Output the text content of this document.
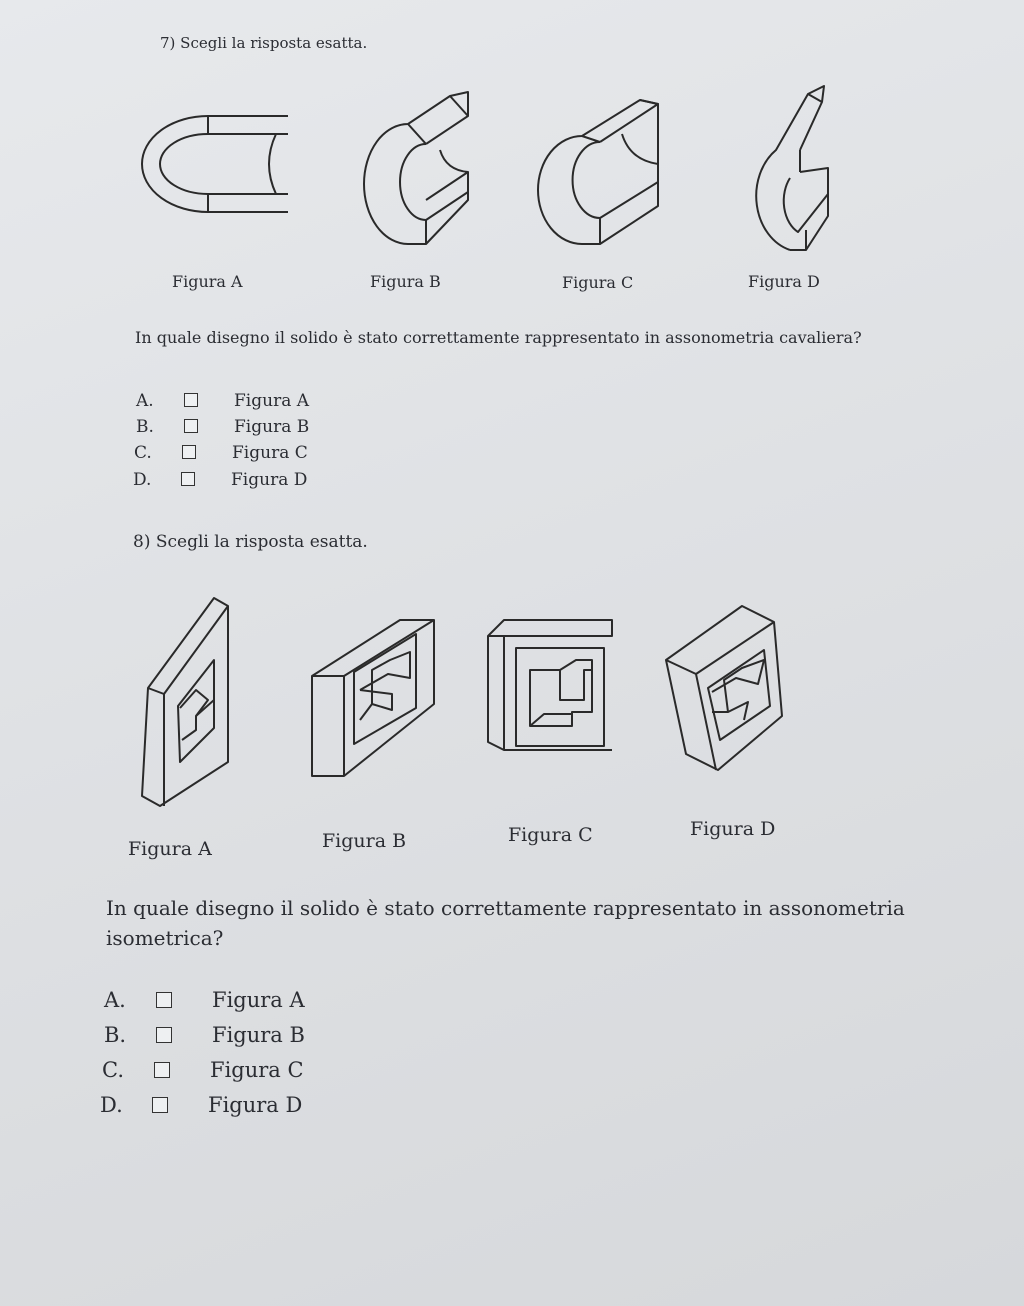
7) Scegli la risposta esatta.
Figura A	Figura B	Figura C	Figura D
In quale disegno il solido è stato correttamente rappresentato in assonometria cavaliera?
A.	Figura A
B.	Figura B
C.	Figura C
D.	Figura D
8) Scegli la risposta esatta.
Figura A	Figura B	Figura C	Figura D
In quale disegno il solido è stato correttamente rappresentato in assonometria isometrica?
A.	Figura A
B.	Figura B
C.	Figura C
D.	Figura D
